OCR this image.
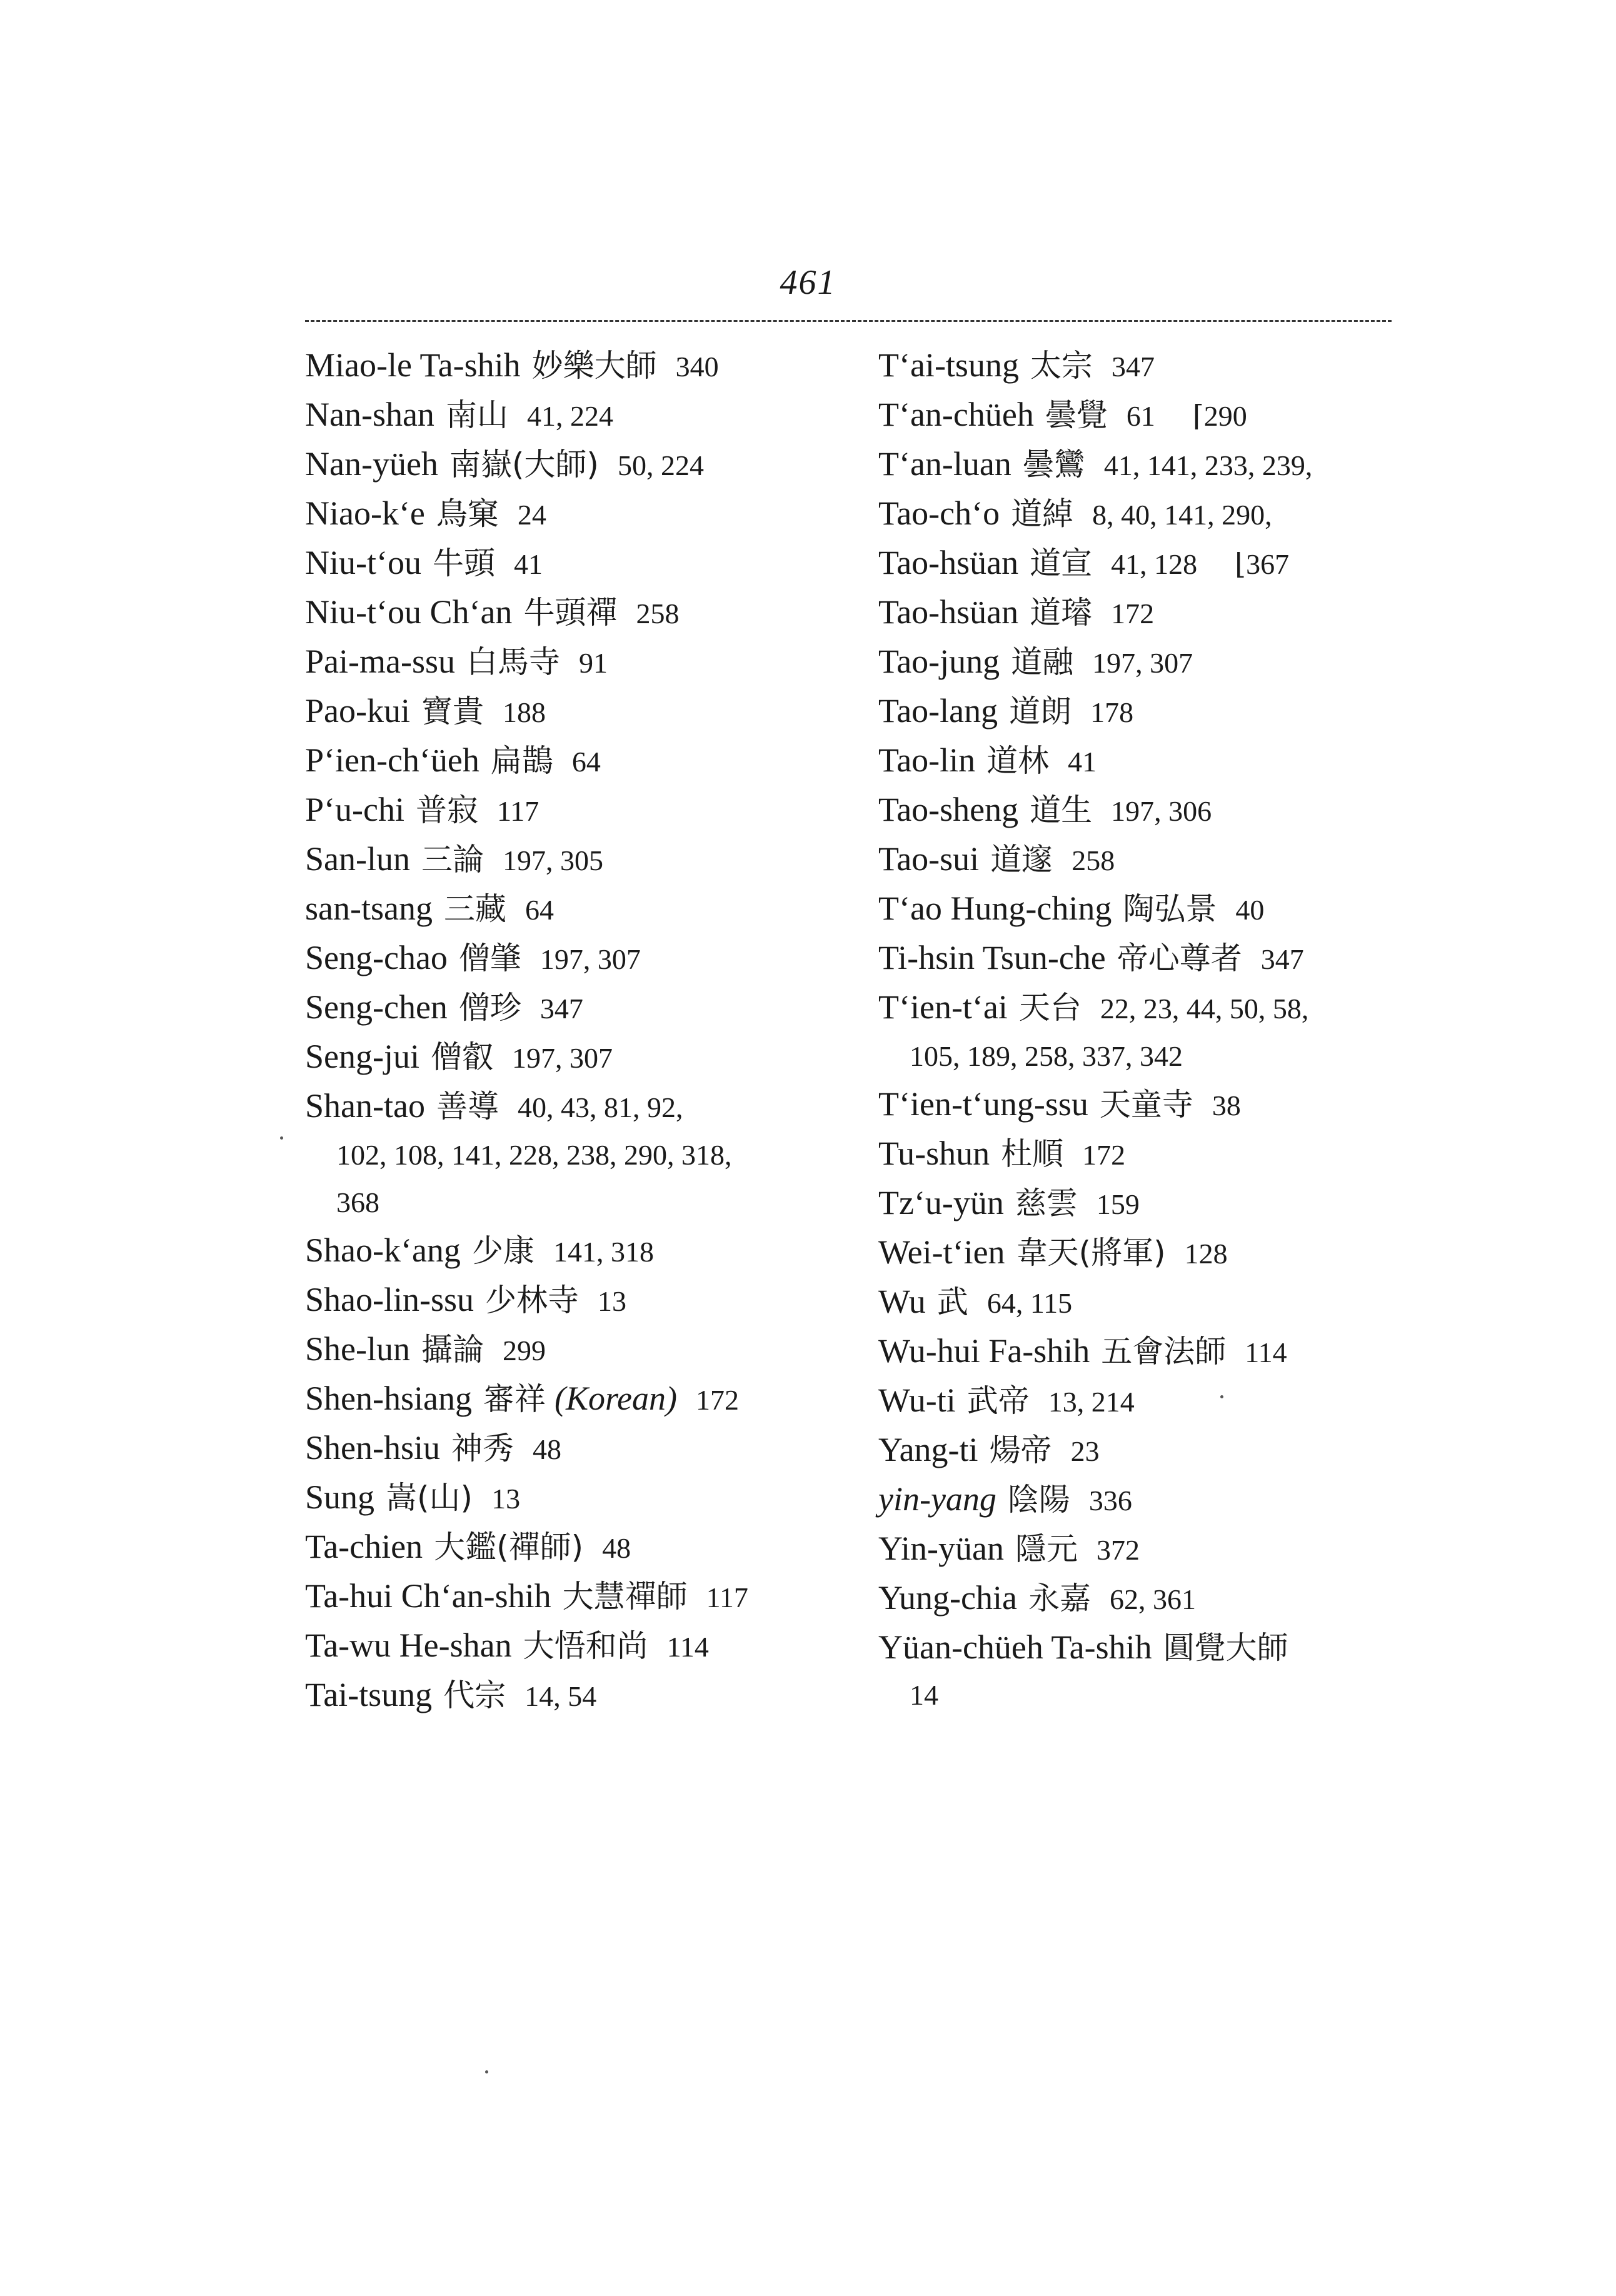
461
Miao-le Ta-shih 妙樂大師 340
Nan-shan 南山 41, 224
Nan-yüeh 南嶽(大師) 50, 224
Niao-k‘e 鳥窠 24
Niu-t‘ou 牛頭 41
Niu-t‘ou Ch‘an 牛頭禪 258
Pai-ma-ssu 白馬寺 91
Pao-kui 寶貴 188
P‘ien-ch‘üeh 扁鵲 64
P‘u-chi 普寂 117
San-lun 三論 197, 305
san-tsang 三藏 64
Seng-chao 僧肇 197, 307
Seng-chen 僧珍 347
Seng-jui 僧叡 197, 307
Shan-tao 善導 40, 43, 81, 92,
102, 108, 141, 228, 238, 290, 318,
368
Shao-k‘ang 少康 141, 318
Shao-lin-ssu 少林寺 13
She-lun 攝論 299
Shen-hsiang 審祥 (Korean) 172
Shen-hsiu 神秀 48
Sung 嵩(山) 13
Ta-chien 大鑑(禪師) 48
Ta-hui Ch‘an-shih 大慧禪師 117
Ta-wu He-shan 大悟和尚 114
Tai-tsung 代宗 14, 54
T‘ai-tsung 太宗 347
T‘an-chüeh 曇覺 61 ⌈290
T‘an-luan 曇鸞 41, 141, 233, 239,
Tao-ch‘o 道綽 8, 40, 141, 290,
Tao-hsüan 道宣 41, 128 ⌊367
Tao-hsüan 道璿 172
Tao-jung 道融 197, 307
Tao-lang 道朗 178
Tao-lin 道林 41
Tao-sheng 道生 197, 306
Tao-sui 道邃 258
T‘ao Hung-ching 陶弘景 40
Ti-hsin Tsun-che 帝心尊者 347
T‘ien-t‘ai 天台 22, 23, 44, 50, 58,
105, 189, 258, 337, 342
T‘ien-t‘ung-ssu 天童寺 38
Tu-shun 杜順 172
Tz‘u-yün 慈雲 159
Wei-t‘ien 韋天(將軍) 128
Wu 武 64, 115
Wu-hui Fa-shih 五會法師 114
Wu-ti 武帝 13, 214
Yang-ti 煬帝 23
yin-yang 陰陽 336
Yin-yüan 隱元 372
Yung-chia 永嘉 62, 361
Yüan-chüeh Ta-shih 圓覺大師
14
